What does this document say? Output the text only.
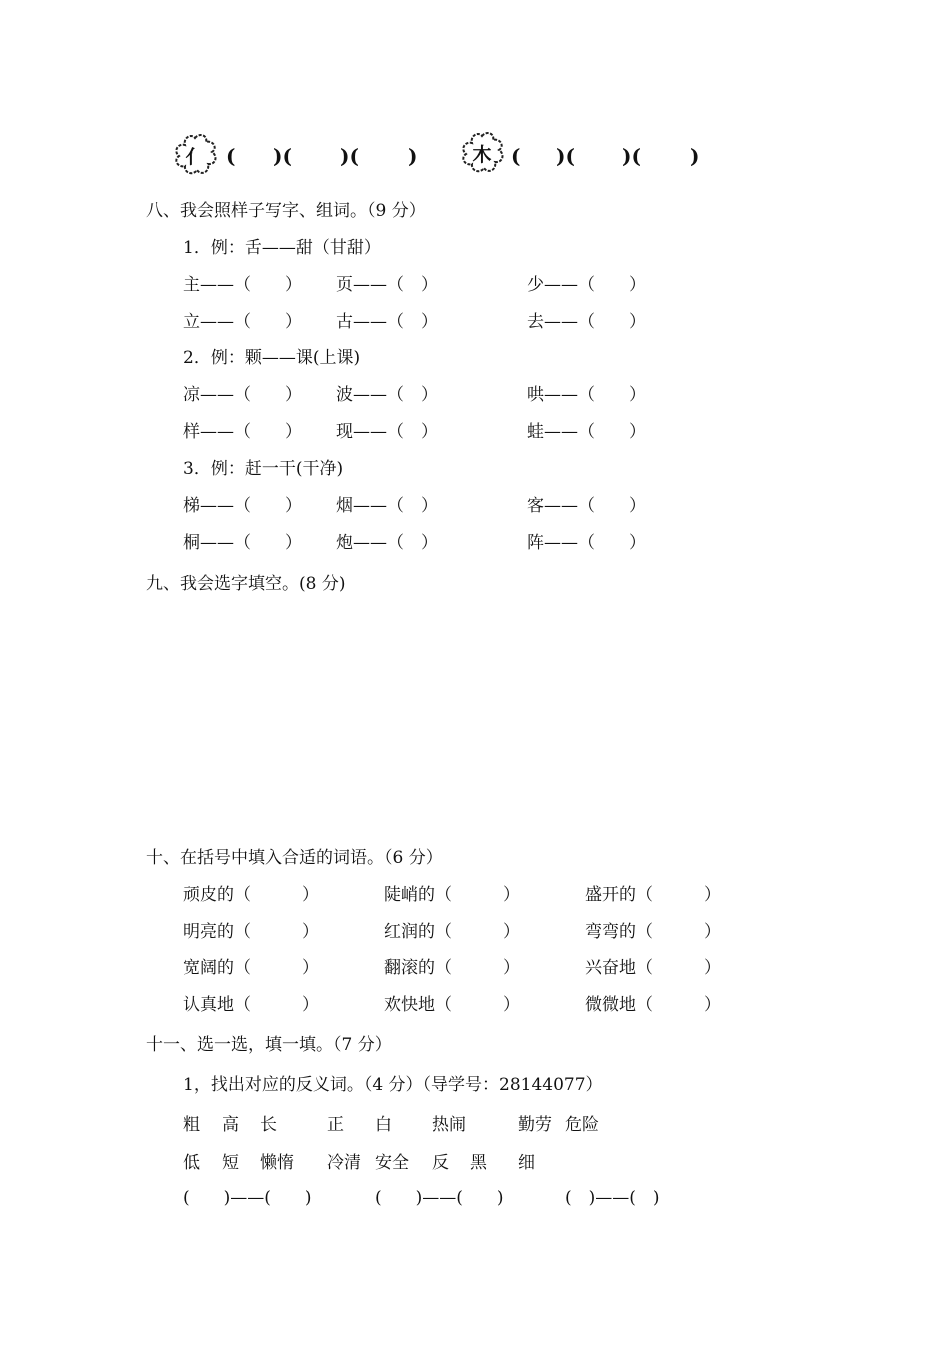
亻	( )( )( )	木 ( )( )( )
八、我会照样子写字、组词。（9 分）
1．例：舌——甜（甘甜）
主——（　　） 页——（　）	少——（　　）
立——（　　） 古——（　）	去——（　　）
2．例：颗——课(上课)
凉——（　　） 波——（　）	哄——（　　）
样——（　　） 现——（　）	蛙——（　　）
3．例：赶一干(干净)
梯——（　　） 烟——（　）	客——（　　）
桐——（　　） 炮——（　）	阵——（　　）
九、我会选字填空。(8 分)
十、在括号中填入合适的词语。（6 分）
顽皮的（　　　）	陡峭的（　　　）	盛开的（　　　）
明亮的（　　　）	红润的（　　　）	弯弯的（　　　）
宽阔的（　　　）	翻滚的（　　　）	兴奋地（　　　）
认真地（　　　）	欢快地（　　　）	微微地（　　　）
十一、选一选，填一填。（7 分）
1，找出对应的反义词。（4 分）（导学号：28144077）
粗 高 长	正 白 热闹	勤劳 危险
低 短 懒惰 冷清 安全 反 黑 细
(　　)——(　　)	(　　)——(　　)	(　)——(　)
